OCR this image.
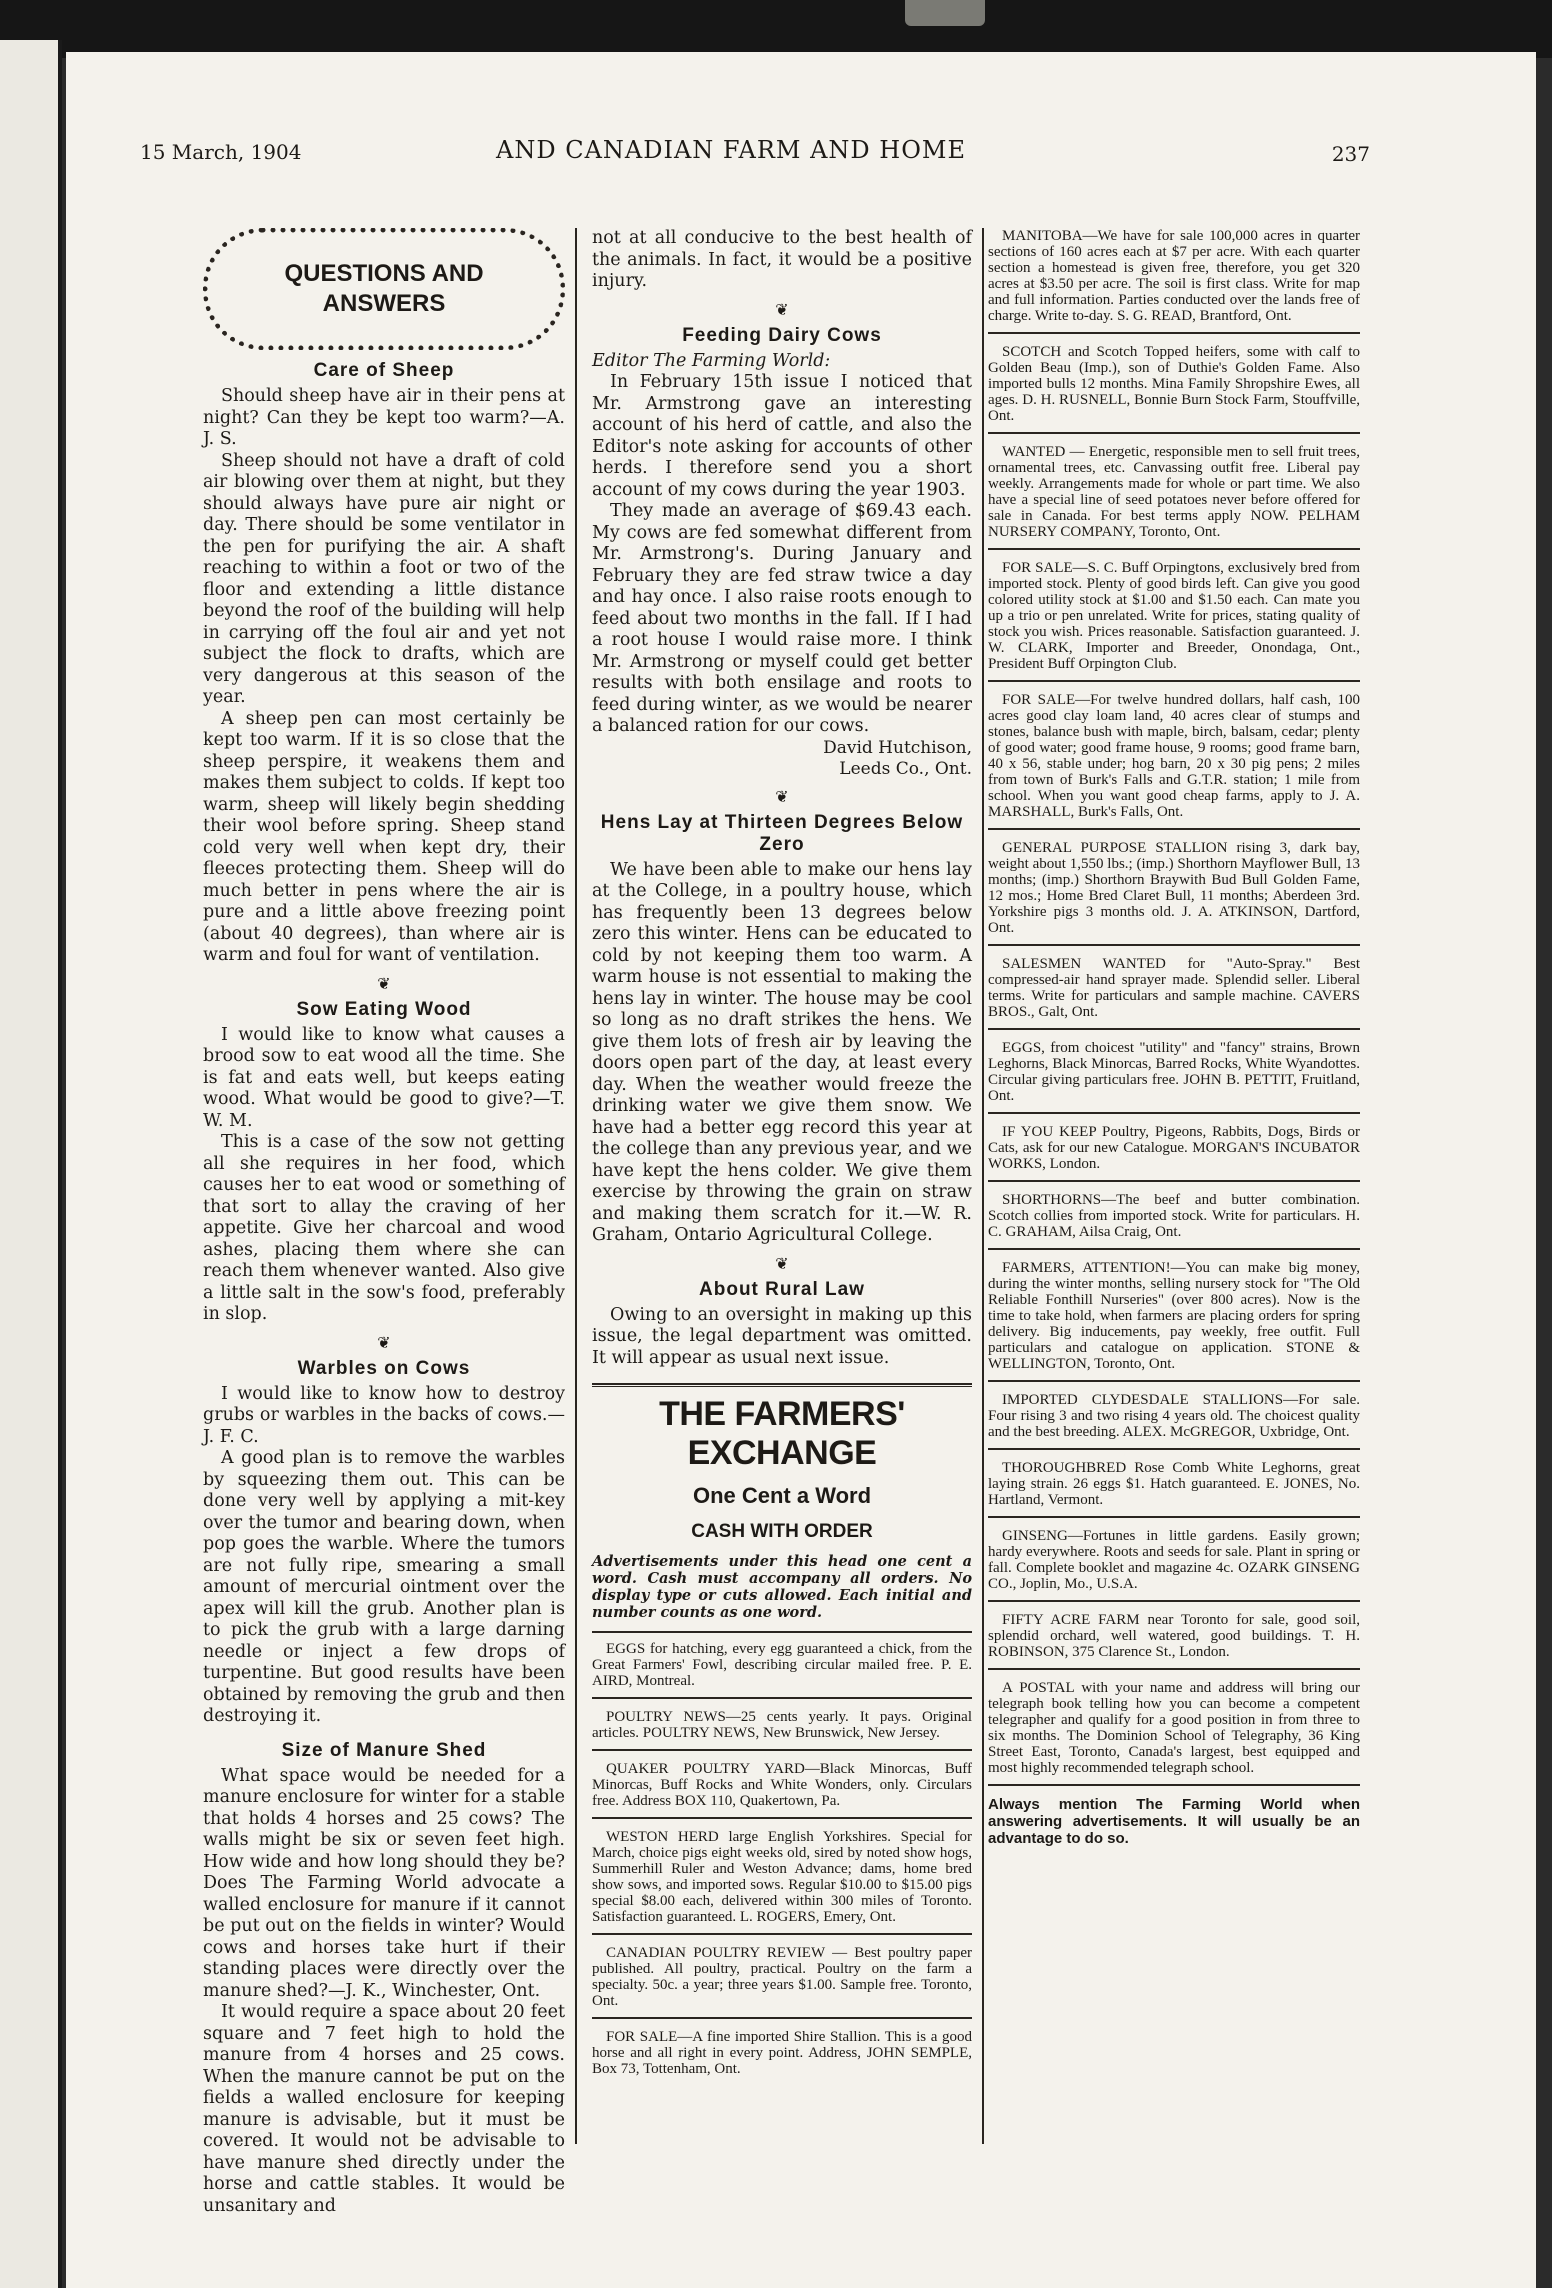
15 March, 1904	AND CANADIAN FARM AND HOME	237
QUESTIONS AND ANSWERS
Care of Sheep

Should sheep have air in their pens at night? Can they be kept too warm?—A. J. S.

Sheep should not have a draft of cold air blowing over them at night, but they should always have pure air night or day. There should be some ventilator in the pen for purifying the air. A shaft reaching to within a foot or two of the floor and extending a little distance beyond the roof of the building will help in carrying off the foul air and yet not subject the flock to drafts, which are very dangerous at this season of the year.

A sheep pen can most certainly be kept too warm. If it is so close that the sheep perspire, it weakens them and makes them subject to colds. If kept too warm, sheep will likely begin shedding their wool before spring. Sheep stand cold very well when kept dry, their fleeces protecting them. Sheep will do much better in pens where the air is pure and a little above freezing point (about 40 degrees), than where air is warm and foul for want of ventilation.

❦
Sow Eating Wood

I would like to know what causes a brood sow to eat wood all the time. She is fat and eats well, but keeps eating wood. What would be good to give?—T. W. M.

This is a case of the sow not getting all she requires in her food, which causes her to eat wood or something of that sort to allay the craving of her appetite. Give her charcoal and wood ashes, placing them where she can reach them whenever wanted. Also give a little salt in the sow's food, preferably in slop.

❦
Warbles on Cows

I would like to know how to destroy grubs or warbles in the backs of cows.—J. F. C.

A good plan is to remove the warbles by squeezing them out. This can be done very well by applying a mit-key over the tumor and bearing down, when pop goes the warble. Where the tumors are not fully ripe, smearing a small amount of mercurial ointment over the apex will kill the grub. Another plan is to pick the grub with a large darning needle or inject a few drops of turpentine. But good results have been obtained by removing the grub and then destroying it.

Size of Manure Shed

What space would be needed for a manure enclosure for winter for a stable that holds 4 horses and 25 cows? The walls might be six or seven feet high. How wide and how long should they be? Does The Farming World advocate a walled enclosure for manure if it cannot be put out on the fields in winter? Would cows and horses take hurt if their standing places were directly over the manure shed?—J. K., Winchester, Ont.

It would require a space about 20 feet square and 7 feet high to hold the manure from 4 horses and 25 cows. When the manure cannot be put on the fields a walled enclosure for keeping manure is advisable, but it must be covered. It would not be advisable to have manure shed directly under the horse and cattle stables. It would be unsanitary and

not at all conducive to the best health of the animals. In fact, it would be a positive injury.

❦
Feeding Dairy Cows

Editor The Farming World:

In February 15th issue I noticed that Mr. Armstrong gave an interesting account of his herd of cattle, and also the Editor's note asking for accounts of other herds. I therefore send you a short account of my cows during the year 1903.

They made an average of $69.43 each. My cows are fed somewhat different from Mr. Armstrong's. During January and February they are fed straw twice a day and hay once. I also raise roots enough to feed about two months in the fall. If I had a root house I would raise more. I think Mr. Armstrong or myself could get better results with both ensilage and roots to feed during winter, as we would be nearer a balanced ration for our cows.

David Hutchison,
Leeds Co., Ont.
❦
Hens Lay at Thirteen Degrees Below Zero

We have been able to make our hens lay at the College, in a poultry house, which has frequently been 13 degrees below zero this winter. Hens can be educated to cold by not keeping them too warm. A warm house is not essential to making the hens lay in winter. The house may be cool so long as no draft strikes the hens. We give them lots of fresh air by leaving the doors open part of the day, at least every day. When the weather would freeze the drinking water we give them snow. We have had a better egg record this year at the college than any previous year, and we have kept the hens colder. We give them exercise by throwing the grain on straw and making them scratch for it.—W. R. Graham, Ontario Agricultural College.

❦
About Rural Law

Owing to an oversight in making up this issue, the legal department was omitted. It will appear as usual next issue.

THE FARMERS' EXCHANGE
One Cent a Word
CASH WITH ORDER
Advertisements under this head one cent a word. Cash must accompany all orders. No display type or cuts allowed. Each initial and number counts as one word.
EGGS for hatching, every egg guaranteed a chick, from the Great Farmers' Fowl, describing circular mailed free. P. E. AIRD, Montreal.
POULTRY NEWS—25 cents yearly. It pays. Original articles. POULTRY NEWS, New Brunswick, New Jersey.
QUAKER POULTRY YARD—Black Minorcas, Buff Minorcas, Buff Rocks and White Wonders, only. Circulars free. Address BOX 110, Quakertown, Pa.
WESTON HERD large English Yorkshires. Special for March, choice pigs eight weeks old, sired by noted show hogs, Summerhill Ruler and Weston Advance; dams, home bred show sows, and imported sows. Regular $10.00 to $15.00 pigs special $8.00 each, delivered within 300 miles of Toronto. Satisfaction guaranteed. L. ROGERS, Emery, Ont.
CANADIAN POULTRY REVIEW — Best poultry paper published. All poultry, practical. Poultry on the farm a specialty. 50c. a year; three years $1.00. Sample free. Toronto, Ont.
FOR SALE—A fine imported Shire Stallion. This is a good horse and all right in every point. Address, JOHN SEMPLE, Box 73, Tottenham, Ont.
MANITOBA—We have for sale 100,000 acres in quarter sections of 160 acres each at $7 per acre. With each quarter section a homestead is given free, therefore, you get 320 acres at $3.50 per acre. The soil is first class. Write for map and full information. Parties conducted over the lands free of charge. Write to-day. S. G. READ, Brantford, Ont.
SCOTCH and Scotch Topped heifers, some with calf to Golden Beau (Imp.), son of Duthie's Golden Fame. Also imported bulls 12 months. Mina Family Shropshire Ewes, all ages. D. H. RUSNELL, Bonnie Burn Stock Farm, Stouffville, Ont.
WANTED — Energetic, responsible men to sell fruit trees, ornamental trees, etc. Canvassing outfit free. Liberal pay weekly. Arrangements made for whole or part time. We also have a special line of seed potatoes never before offered for sale in Canada. For best terms apply NOW. PELHAM NURSERY COMPANY, Toronto, Ont.
FOR SALE—S. C. Buff Orpingtons, exclusively bred from imported stock. Plenty of good birds left. Can give you good colored utility stock at $1.00 and $1.50 each. Can mate you up a trio or pen unrelated. Write for prices, stating quality of stock you wish. Prices reasonable. Satisfaction guaranteed. J. W. CLARK, Importer and Breeder, Onondaga, Ont., President Buff Orpington Club.
FOR SALE—For twelve hundred dollars, half cash, 100 acres good clay loam land, 40 acres clear of stumps and stones, balance bush with maple, birch, balsam, cedar; plenty of good water; good frame house, 9 rooms; good frame barn, 40 x 56, stable under; hog barn, 20 x 30 pig pens; 2 miles from town of Burk's Falls and G.T.R. station; 1 mile from school. When you want good cheap farms, apply to J. A. MARSHALL, Burk's Falls, Ont.
GENERAL PURPOSE STALLION rising 3, dark bay, weight about 1,550 lbs.; (imp.) Shorthorn Mayflower Bull, 13 months; (imp.) Shorthorn Braywith Bud Bull Golden Fame, 12 mos.; Home Bred Claret Bull, 11 months; Aberdeen 3rd. Yorkshire pigs 3 months old. J. A. ATKINSON, Dartford, Ont.
SALESMEN WANTED for "Auto-Spray." Best compressed-air hand sprayer made. Splendid seller. Liberal terms. Write for particulars and sample machine. CAVERS BROS., Galt, Ont.
EGGS, from choicest "utility" and "fancy" strains, Brown Leghorns, Black Minorcas, Barred Rocks, White Wyandottes. Circular giving particulars free. JOHN B. PETTIT, Fruitland, Ont.
IF YOU KEEP Poultry, Pigeons, Rabbits, Dogs, Birds or Cats, ask for our new Catalogue. MORGAN'S INCUBATOR WORKS, London.
SHORTHORNS—The beef and butter combination. Scotch collies from imported stock. Write for particulars. H. C. GRAHAM, Ailsa Craig, Ont.
FARMERS, ATTENTION!—You can make big money, during the winter months, selling nursery stock for "The Old Reliable Fonthill Nurseries" (over 800 acres). Now is the time to take hold, when farmers are placing orders for spring delivery. Big inducements, pay weekly, free outfit. Full particulars and catalogue on application. STONE & WELLINGTON, Toronto, Ont.
IMPORTED CLYDESDALE STALLIONS—For sale. Four rising 3 and two rising 4 years old. The choicest quality and the best breeding. ALEX. McGREGOR, Uxbridge, Ont.
THOROUGHBRED Rose Comb White Leghorns, great laying strain. 26 eggs $1. Hatch guaranteed. E. JONES, No. Hartland, Vermont.
GINSENG—Fortunes in little gardens. Easily grown; hardy everywhere. Roots and seeds for sale. Plant in spring or fall. Complete booklet and magazine 4c. OZARK GINSENG CO., Joplin, Mo., U.S.A.
FIFTY ACRE FARM near Toronto for sale, good soil, splendid orchard, well watered, good buildings. T. H. ROBINSON, 375 Clarence St., London.
A POSTAL with your name and address will bring our telegraph book telling how you can become a competent telegrapher and qualify for a good position in from three to six months. The Dominion School of Telegraphy, 36 King Street East, Toronto, Canada's largest, best equipped and most highly recommended telegraph school.
Always mention The Farming World when answering advertisements. It will usually be an advantage to do so.
